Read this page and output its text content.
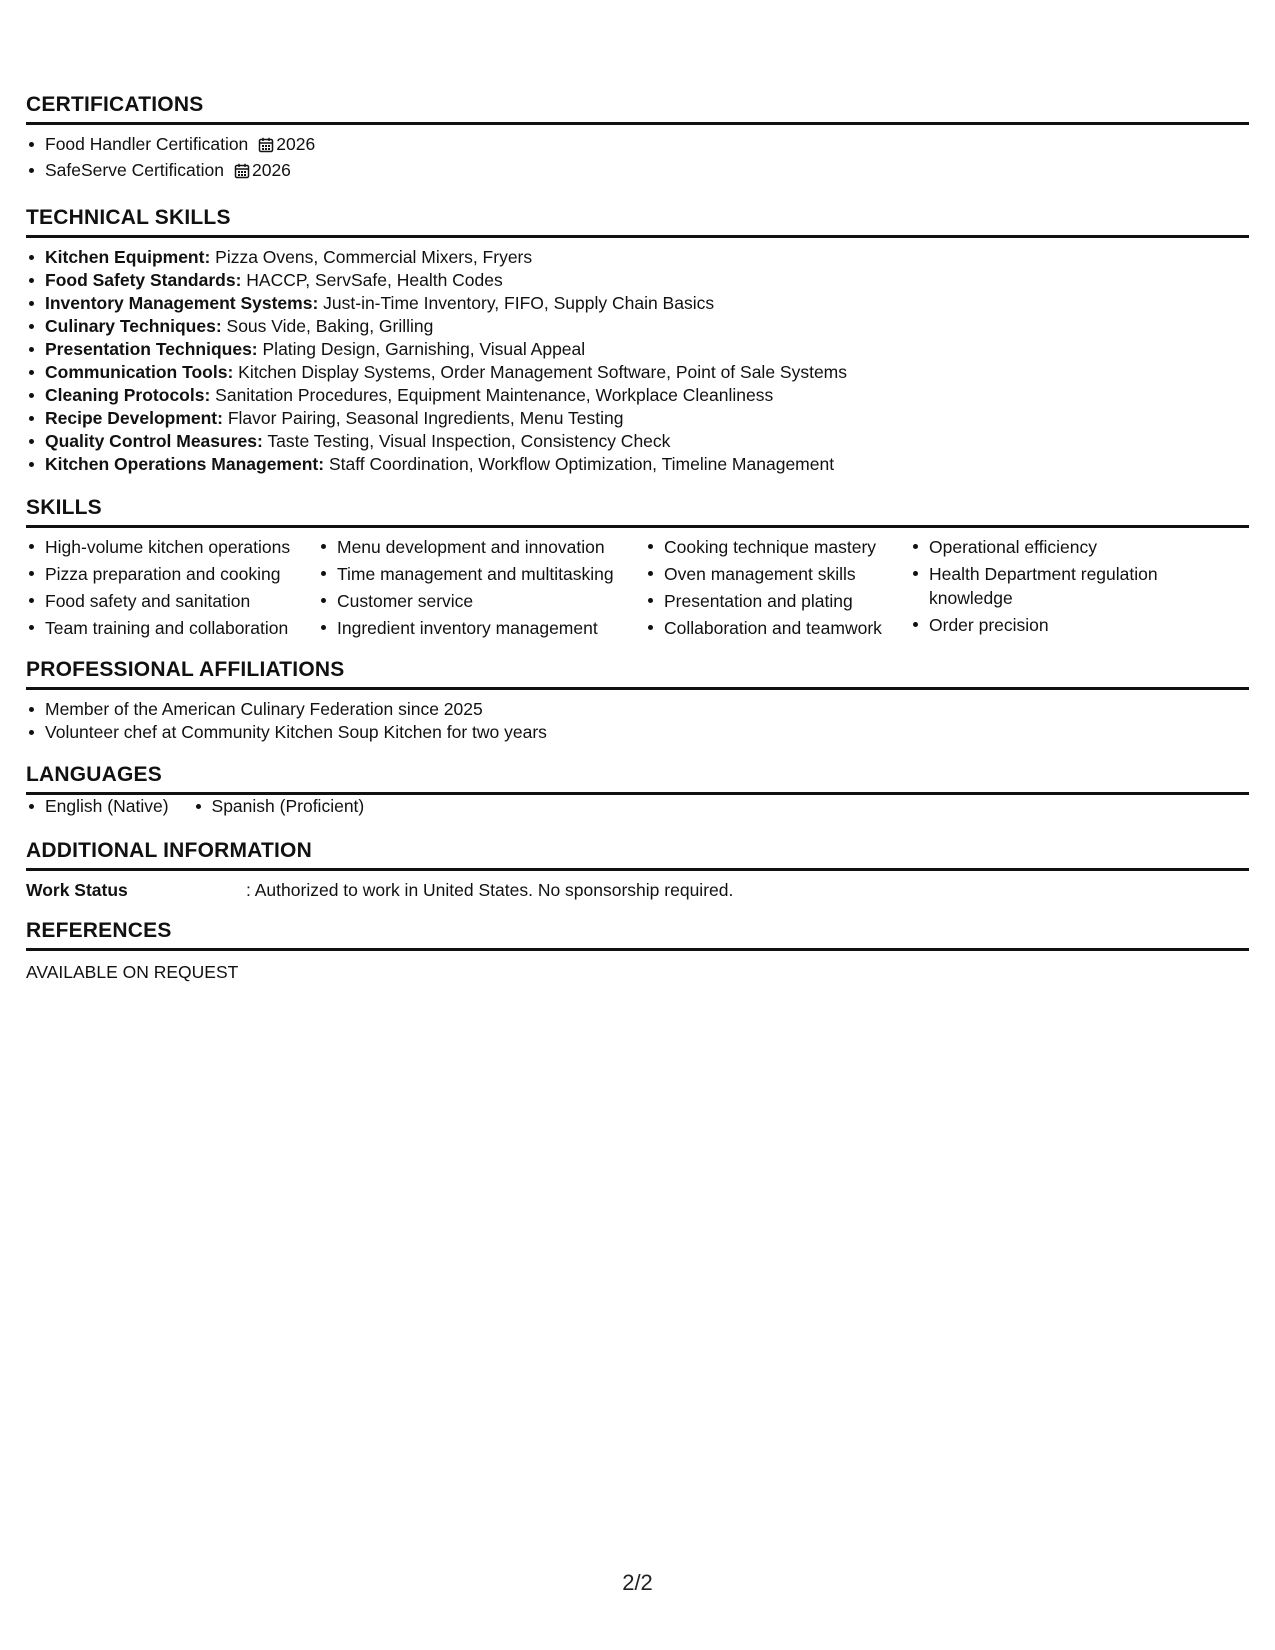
CERTIFICATIONS
Food Handler Certification 2026
SafeServe Certification 2026
TECHNICAL SKILLS
Kitchen Equipment: Pizza Ovens, Commercial Mixers, Fryers
Food Safety Standards: HACCP, ServSafe, Health Codes
Inventory Management Systems: Just-in-Time Inventory, FIFO, Supply Chain Basics
Culinary Techniques: Sous Vide, Baking, Grilling
Presentation Techniques: Plating Design, Garnishing, Visual Appeal
Communication Tools: Kitchen Display Systems, Order Management Software, Point of Sale Systems
Cleaning Protocols: Sanitation Procedures, Equipment Maintenance, Workplace Cleanliness
Recipe Development: Flavor Pairing, Seasonal Ingredients, Menu Testing
Quality Control Measures: Taste Testing, Visual Inspection, Consistency Check
Kitchen Operations Management: Staff Coordination, Workflow Optimization, Timeline Management
SKILLS
High-volume kitchen operations
Pizza preparation and cooking
Food safety and sanitation
Team training and collaboration
Menu development and innovation
Time management and multitasking
Customer service
Ingredient inventory management
Cooking technique mastery
Oven management skills
Presentation and plating
Collaboration and teamwork
Operational efficiency
Health Department regulation knowledge
Order precision
PROFESSIONAL AFFILIATIONS
Member of the American Culinary Federation since 2025
Volunteer chef at Community Kitchen Soup Kitchen for two years
LANGUAGES
English (Native)	Spanish (Proficient)
ADDITIONAL INFORMATION
Work Status	: Authorized to work in United States. No sponsorship required.
REFERENCES
AVAILABLE ON REQUEST
2/2
